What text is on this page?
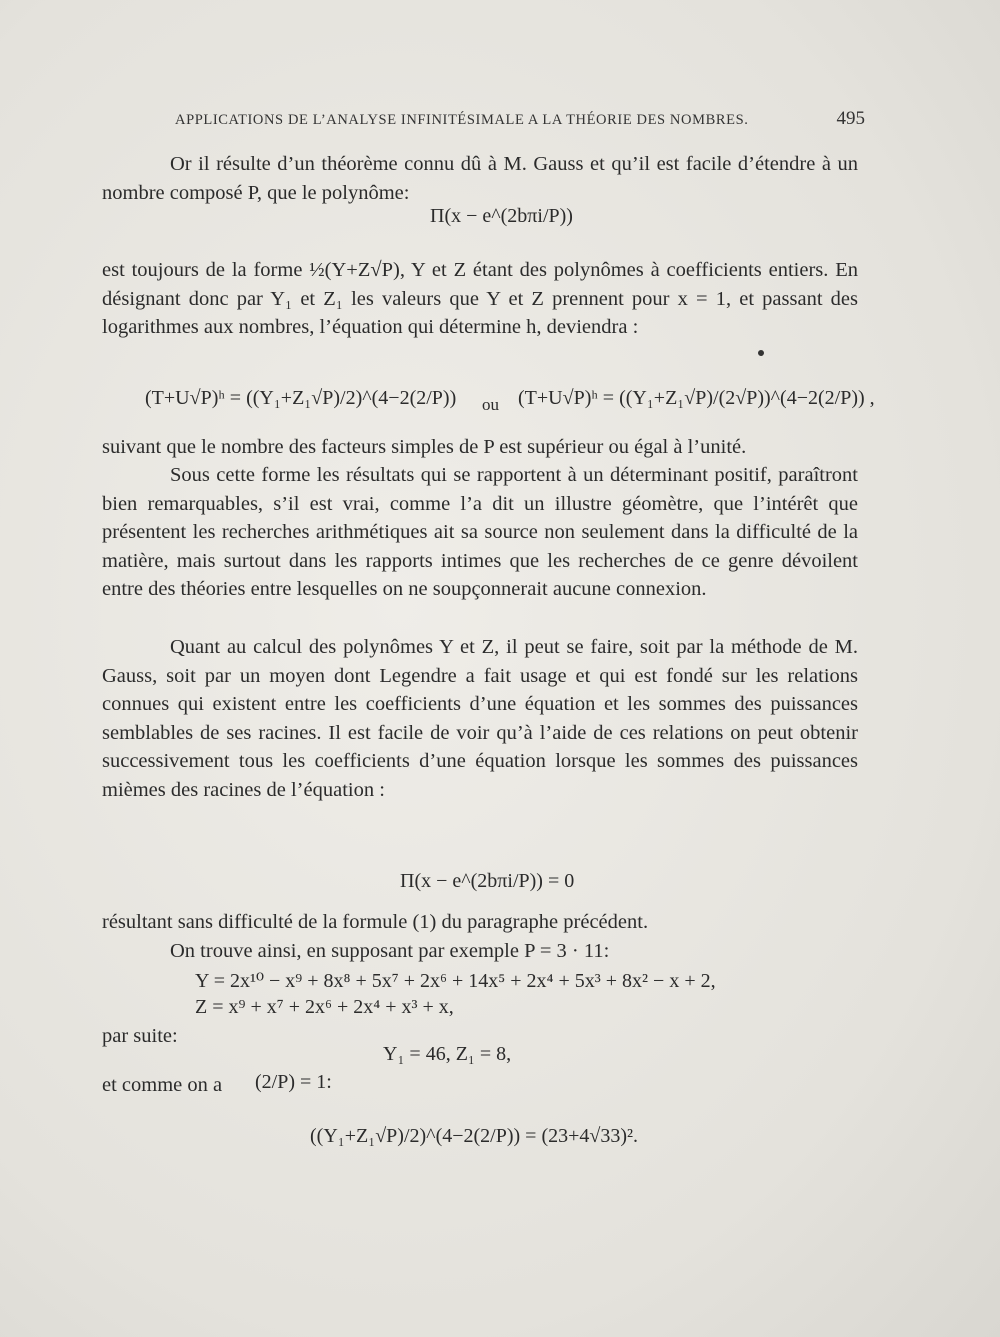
APPLICATIONS DE L’ANALYSE INFINITÉSIMALE A LA THÉORIE DES NOMBRES.	495
Or il résulte d’un théorème connu dû à M. Gauss et qu’il est facile d’étendre à un nombre composé P, que le polynôme:
Π(x − e^(2bπi/P))
est toujours de la forme ½(Y+Z√P), Y et Z étant des polynômes à coefficients entiers. En désignant donc par Y₁ et Z₁ les valeurs que Y et Z prennent pour x = 1, et passant des logarithmes aux nombres, l’équation qui détermine h, deviendra :
(T+U√P)ʰ = ((Y₁+Z₁√P)/2)^(4−2(2/P)) ou (T+U√P)ʰ = ((Y₁+Z₁√P)/(2√P))^(4−2(2/P)) ,
suivant que le nombre des facteurs simples de P est supérieur ou égal à l’unité.
Sous cette forme les résultats qui se rapportent à un déterminant positif, paraîtront bien remarquables, s’il est vrai, comme l’a dit un illustre géomètre, que l’intérêt que présentent les recherches arithmétiques ait sa source non seulement dans la difficulté de la matière, mais surtout dans les rapports intimes que les recherches de ce genre dévoilent entre des théories entre lesquelles on ne soupçonnerait aucune connexion.
Quant au calcul des polynômes Y et Z, il peut se faire, soit par la méthode de M. Gauss, soit par un moyen dont Legendre a fait usage et qui est fondé sur les relations connues qui existent entre les coefficients d’une équation et les sommes des puissances semblables de ses racines. Il est facile de voir qu’à l’aide de ces relations on peut obtenir successivement tous les coefficients d’une équation lorsque les sommes des puissances mièmes des racines de l’équation :
Π(x − e^(2bπi/P)) = 0
résultant sans difficulté de la formule (1) du paragraphe précédent.
On trouve ainsi, en supposant par exemple P = 3 · 11:
Y = 2x¹⁰ − x⁹ + 8x⁸ + 5x⁷ + 2x⁶ + 14x⁵ + 2x⁴ + 5x³ + 8x² − x + 2,
Z = x⁹ + x⁷ + 2x⁶ + 2x⁴ + x³ + x,
par suite:
Y₁ = 46, Z₁ = 8,
et comme on a	(2/P) = 1:
((Y₁+Z₁√P)/2)^(4−2(2/P)) = (23+4√33)².
